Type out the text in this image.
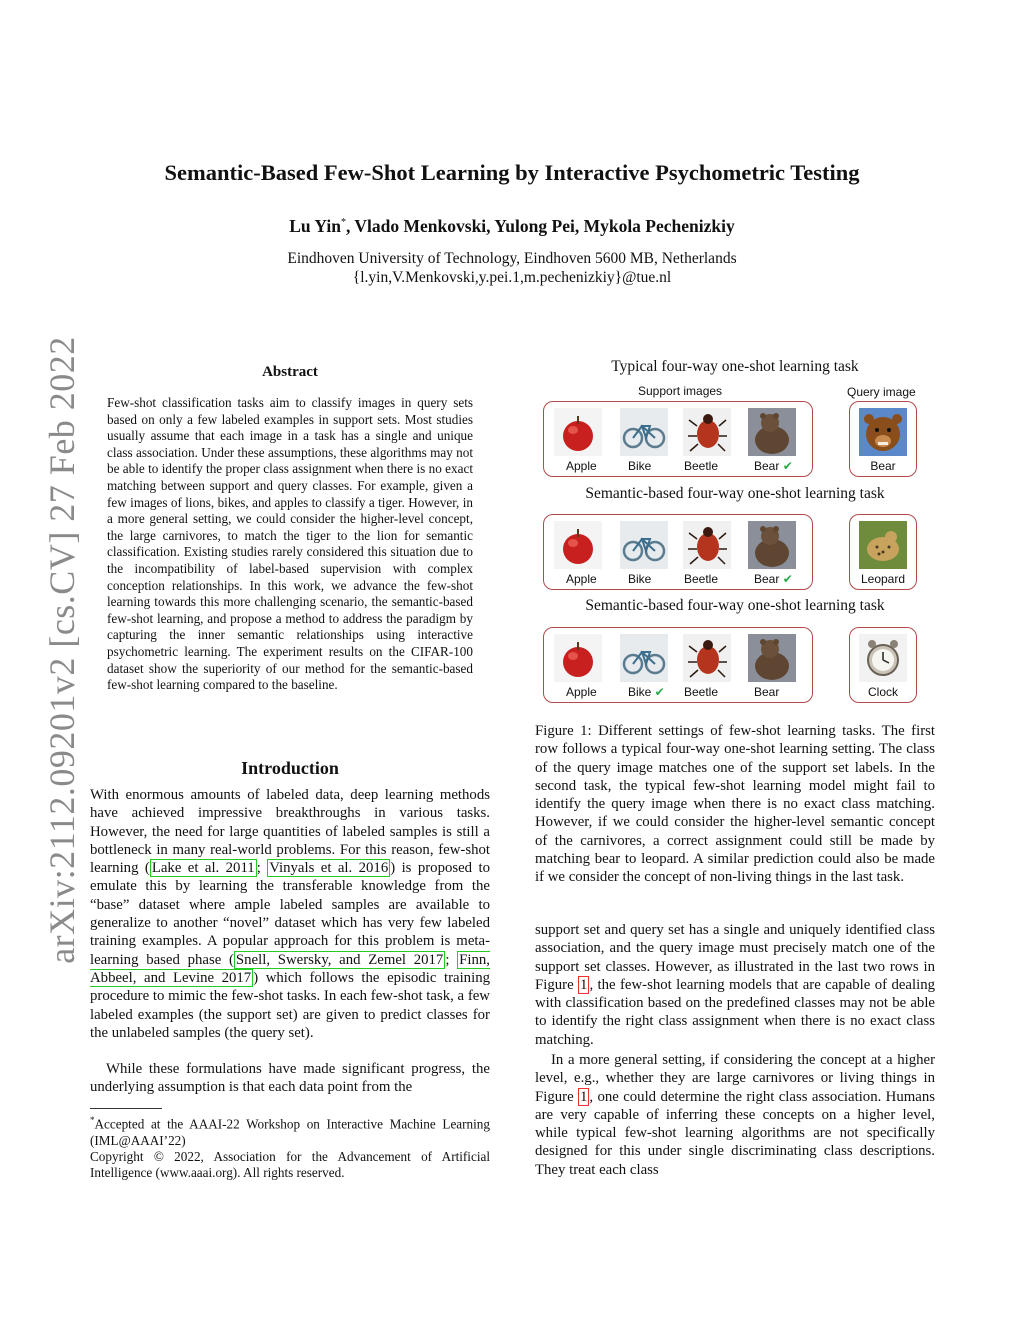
arXiv:2112.09201v2 [cs.CV] 27 Feb 2022
Semantic-Based Few-Shot Learning by Interactive Psychometric Testing
Lu Yin*, Vlado Menkovski, Yulong Pei, Mykola Pechenizkiy
Eindhoven University of Technology, Eindhoven 5600 MB, Netherlands
{l.yin,V.Menkovski,y.pei.1,m.pechenizkiy}@tue.nl
Abstract
Few-shot classification tasks aim to classify images in query sets based on only a few labeled examples in support sets. Most studies usually assume that each image in a task has a single and unique class association. Under these assumptions, these algorithms may not be able to identify the proper class assignment when there is no exact matching between support and query classes. For example, given a few images of lions, bikes, and apples to classify a tiger. However, in a more general setting, we could consider the higher-level concept, the large carnivores, to match the tiger to the lion for semantic classification. Existing studies rarely considered this situation due to the incompatibility of label-based supervision with complex conception relationships. In this work, we advance the few-shot learning towards this more challenging scenario, the semantic-based few-shot learning, and propose a method to address the paradigm by capturing the inner semantic relationships using interactive psychometric learning. The experiment results on the CIFAR-100 dataset show the superiority of our method for the semantic-based few-shot learning compared to the baseline.
Introduction
With enormous amounts of labeled data, deep learning methods have achieved impressive breakthroughs in various tasks. However, the need for large quantities of labeled samples is still a bottleneck in many real-world problems. For this reason, few-shot learning ( Lake et al. 2011 ; Vinyals et al. 2016 ) is proposed to emulate this by learning the transferable knowledge from the “base” dataset where ample labeled samples are available to generalize to another “novel” dataset which has very few labeled training examples. A popular approach for this problem is meta-learning based phase ( Snell, Swersky, and Zemel 2017 ; Finn, Abbeel, and Levine 2017 ) which follows the episodic training procedure to mimic the few-shot tasks. In each few-shot task, a few labeled examples (the support set) are given to predict classes for the unlabeled samples (the query set).
While these formulations have made significant progress, the underlying assumption is that each data point from the
*Accepted at the AAAI-22 Workshop on Interactive Machine Learning (IML@AAAI’22)
Copyright © 2022, Association for the Advancement of Artificial Intelligence (www.aaai.org). All rights reserved.
Typical four-way one-shot learning task
Support images	Query image
Semantic-based four-way one-shot learning task
Semantic-based four-way one-shot learning task
Apple	Bike	Beetle	Bear ✔	Bear
Apple	Bike	Beetle	Bear ✔	Leopard
Apple	Bike ✔ Beetle	Bear	Clock
Figure 1: Different settings of few-shot learning tasks. The first row follows a typical four-way one-shot learning setting. The class of the query image matches one of the support set labels. In the second task, the typical few-shot learning model might fail to identify the query image when there is no exact class matching. However, if we could consider the higher-level semantic concept of the carnivores, a correct assignment could still be made by matching bear to leopard. A similar prediction could also be made if we consider the concept of non-living things in the last task.
support set and query set has a single and uniquely identified class association, and the query image must precisely match one of the support set classes. However, as illustrated in the last two rows in Figure 1 , the few-shot learning models that are capable of dealing with classification based on the predefined classes may not be able to identify the right class assignment when there is no exact class matching.
In a more general setting, if considering the concept at a higher level, e.g., whether they are large carnivores or living things in Figure 1 , one could determine the right class association. Humans are very capable of inferring these concepts on a higher level, while typical few-shot learning algorithms are not specifically designed for this under single discriminating class descriptions. They treat each class
